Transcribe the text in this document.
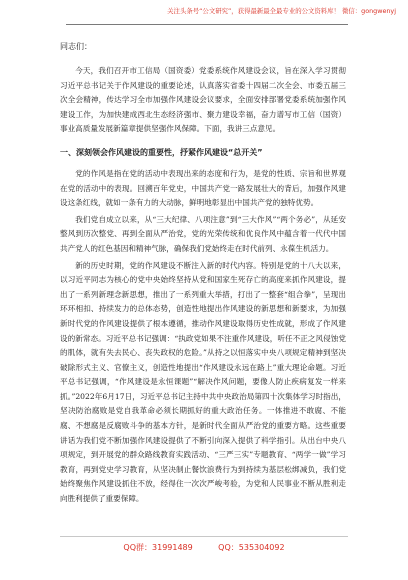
关注头条号“公文研究”，获得最新最全最专业的公文资料库！ 微信：gongwenyj

同志们：

今天，我们召开市工信局（国资委）党委系统作风建设会议，旨在深入学习贯彻习近平总书记关于作风建设的重要论述，认真落实省委十四届二次全会、市委五届三次全会精神，传达学习全市加强作风建设会议要求，全面安排部署党委系统加强作风建设工作，为加快建成西北生态经济强市、聚力建设幸福，奋力谱写市工信（国资）事业高质量发展新篇章提供坚强作风保障。下面，我讲三点意见。

一、深刻领会作风建设的重要性，抒紧作风建设“总开关”

党的作风是指在党的活动中表现出来的态度和行为，是党的性质、宗旨和世界观在党的活动中的表现。回溯百年党史，中国共产党一路发展壮大的背后，加强作风建设这条红线，就如一条有力的大动脉，鲜明地彰显出中国共产党的独特优势。

我们党自成立以来，从“三大纪律、八项注意”到“三大作风”“两个务必”，从延安整风到历次整党、再到全面从严治党，党的光荣传统和优良作风中蕴含着一代代中国共产党人的红色基因和精神气脉，确保我们党始终走在时代前列、永葆生机活力。

新的历史时期，党的作风建设不断注入新的时代内容。特别是党的十八大以来，以习近平同志为核心的党中央始终坚持从党和国家生死存亡的高度来抓作风建设，提出了一系列新理念新思想，推出了一系列重大举措，打出了一整套“组合拳”，呈现出环环相扣、持续发力的总体态势，创造性地提出作风建设的新思想和新要求，为加强新时代党的作风建设提供了根本遵循，推动作风建设取得历史性成就，形成了作风建设的新常态。习近平总书记强调：“执政党如果不注重作风建设，听任不正之风侵蚀党的肌体，就有失去民心、丧失政权的危险。”从持之以恒落实中央八项规定精神到坚决破除形式主义、官僚主义，创造性地提出“作风建设永远在路上”重大理论命题。习近平总书记强调，“作风建设是永恒课题”“解决作风问题，要像人防止疾病复发一样来抓。”2022年6月17日，习近平总书记主持中共中央政治局第四十次集体学习时指出，坚决防治腐败是党自我革命必须长期抓好的重大政治任务。一体推进不敢腐、不能腐、不想腐是反腐败斗争的基本方针，是新时代全面从严治党的重要方略。这些重要讲话为我们党不断加强作风建设提供了不断引向深入提供了科学指引。从出台中央八项规定，到开展党的群众路线教育实践活动、“三严三实”专题教育、“两学一做”学习教育，再到党史学习教育，从坚决制止餐饮浪费行为到持续为基层松绑减负，我们党始终聚焦作风建设抓住不放，经得住一次次严峻考验，为党和人民事业不断从胜利走向胜利提供了重要保障。

QQ群：31991489	QQ：535304092
